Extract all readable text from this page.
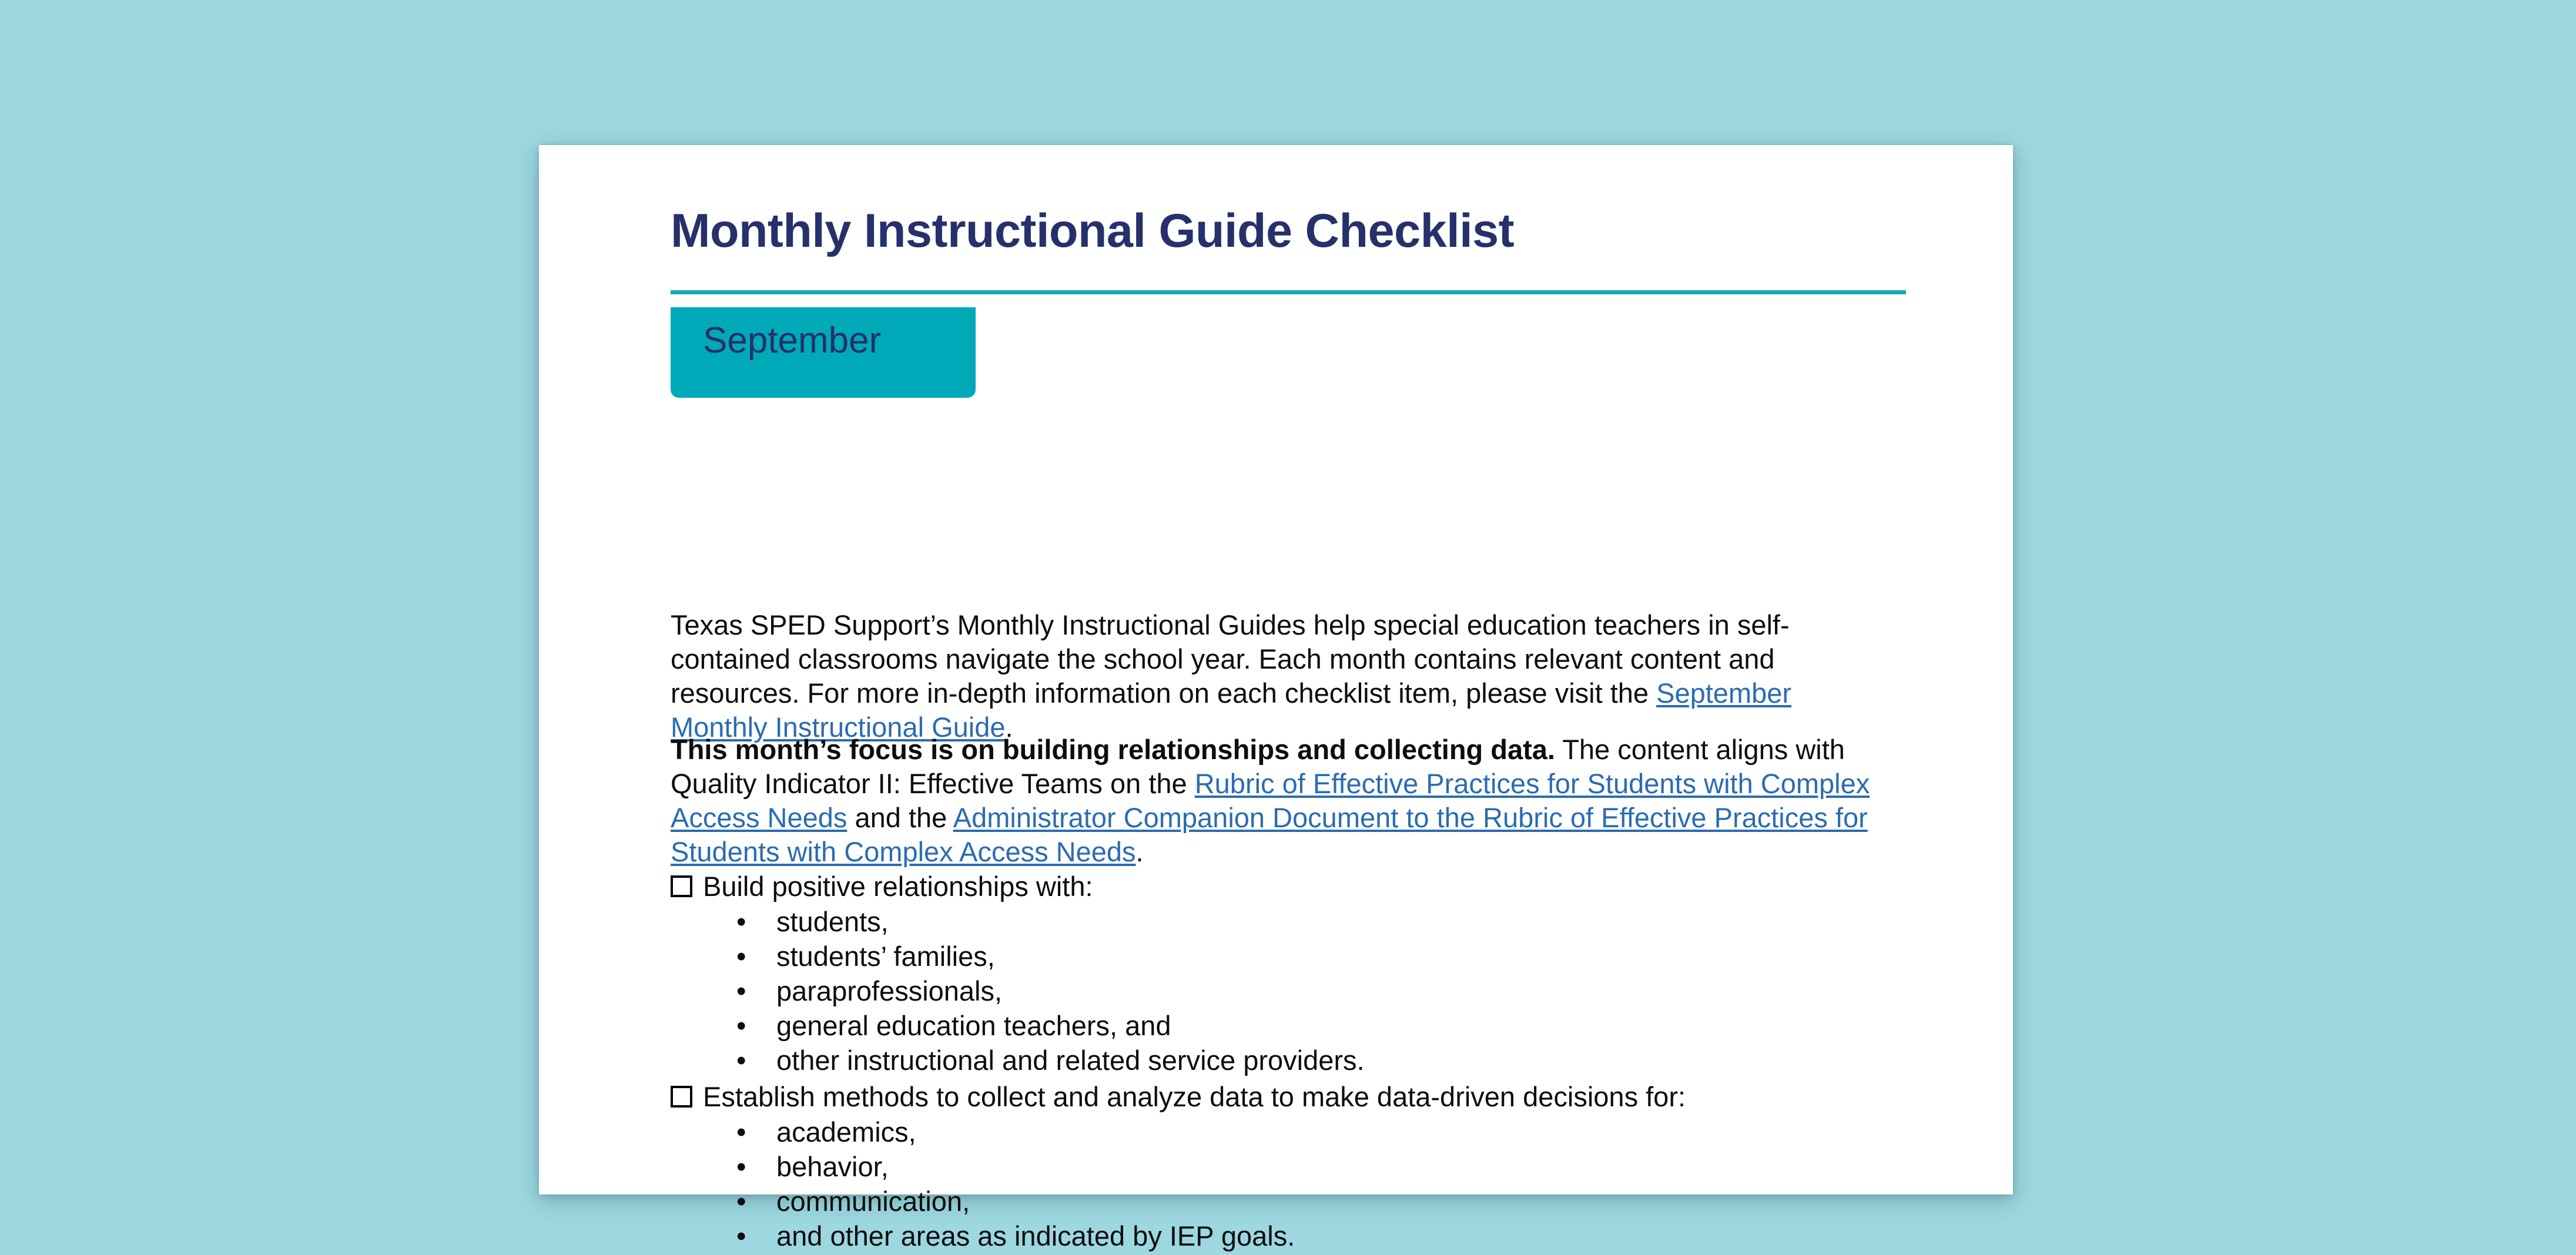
Monthly Instructional Guide Checklist
September

Texas SPED Support’s Monthly Instructional Guides help special education teachers in self-contained classrooms navigate the school year. Each month contains relevant content and resources. For more in-depth information on each checklist item, please visit the September Monthly Instructional Guide.

This month’s focus is on building relationships and collecting data. The content aligns with Quality Indicator II: Effective Teams on the Rubric of Effective Practices for Students with Complex Access Needs and the Administrator Companion Document to the Rubric of Effective Practices for Students with Complex Access Needs.

Build positive relationships with:
•	students,
•	students’ families,
•	paraprofessionals,
•	general education teachers, and
•	other instructional and related service providers.
Establish methods to collect and analyze data to make data-driven decisions for:
•	academics,
•	behavior,
•	communication,
•	and other areas as indicated by IEP goals.
